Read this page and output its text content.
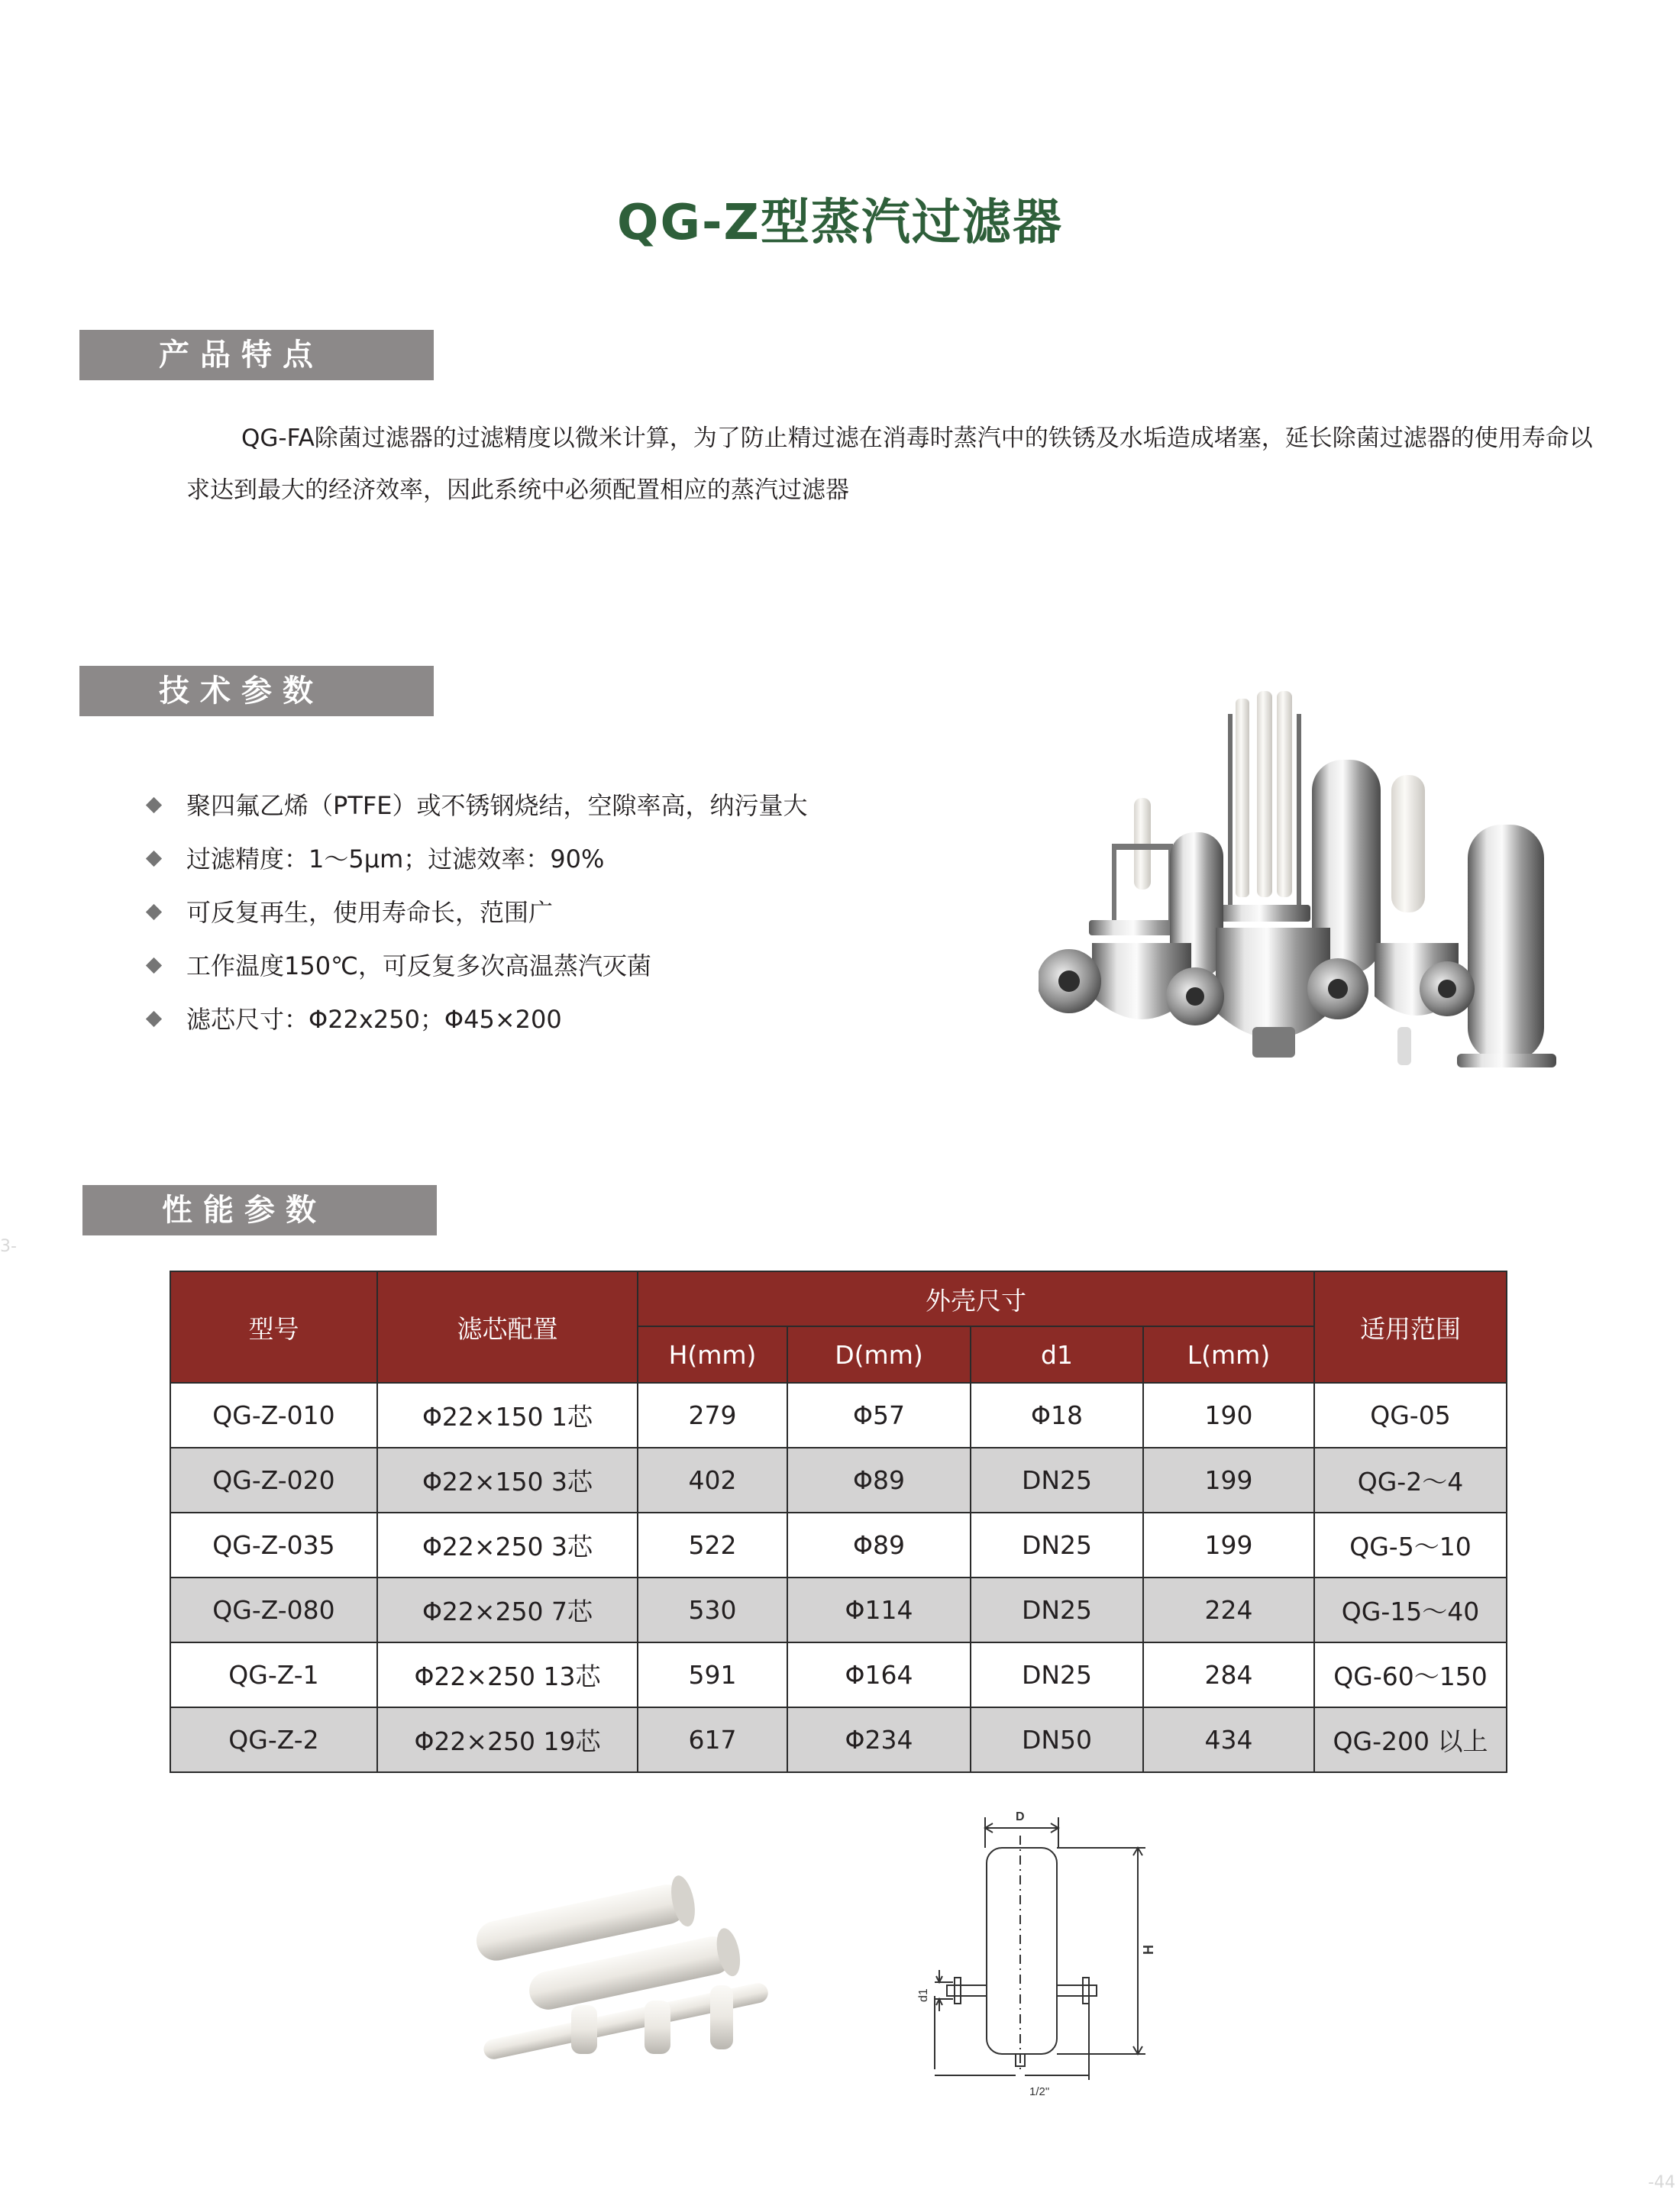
QG-Z型蒸汽过滤器
产品特点
QG-FA除菌过滤器的过滤精度以微米计算，为了防止精过滤在消毒时蒸汽中的铁锈及水垢造成堵塞，延长除菌过滤器的使用寿命以求达到最大的经济效率，因此系统中必须配置相应的蒸汽过滤器
技术参数
聚四氟乙烯（PTFE）或不锈钢烧结，空隙率高，纳污量大
过滤精度：1～5μm；过滤效率：90%
可反复再生，使用寿命长，范围广
工作温度150℃，可反复多次高温蒸汽灭菌
滤芯尺寸：Φ22x250；Φ45×200
性能参数
型号	滤芯配置	外壳尺寸				适用范围
		H(mm)	D(mm)	d1	L(mm)	
QG-Z-010	Φ22×150 1芯	279	Φ57	Φ18	190	QG-05
QG-Z-020	Φ22×150 3芯	402	Φ89	DN25	199	QG-2～4
QG-Z-035	Φ22×250 3芯	522	Φ89	DN25	199	QG-5～10
QG-Z-080	Φ22×250 7芯	530	Φ114	DN25	224	QG-15～40
QG-Z-1	Φ22×250 13芯	591	Φ164	DN25	284	QG-60～150
QG-Z-2	Φ22×250 19芯	617	Φ234	DN50	434	QG-200 以上
D
H
d1
1/2"
3-
-44
